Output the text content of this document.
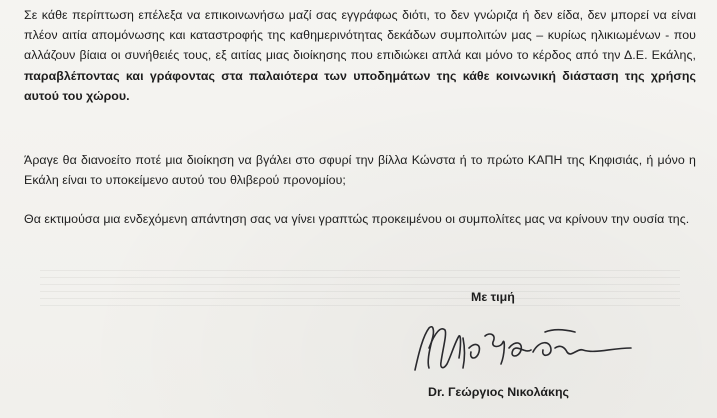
Σε κάθε περίπτωση επέλεξα να επικοινωνήσω μαζί σας εγγράφως διότι, το δεν γνώριζα ή δεν είδα, δεν μπορεί να είναι πλέον αιτία απομόνωσης και καταστροφής της καθημερινότητας δεκάδων συμπολιτών μας – κυρίως ηλικιωμένων - που αλλάζουν βίαια οι συνήθειές τους, εξ αιτίας μιας διοίκησης που επιδιώκει απλά και μόνο το κέρδος από την Δ.Ε. Εκάλης, παραβλέποντας και γράφοντας στα παλαιότερα των υποδημάτων της κάθε κοινωνική διάσταση της χρήσης αυτού του χώρου.

Άραγε θα διανοείτο ποτέ μια διοίκηση να βγάλει στο σφυρί την βίλλα Κώνστα ή το πρώτο ΚΑΠΗ της Κηφισιάς, ή μόνο η Εκάλη είναι το υποκείμενο αυτού του θλιβερού προνομίου;

Θα εκτιμούσα μια ενδεχόμενη απάντηση σας να γίνει γραπτώς προκειμένου οι συμπολίτες μας να κρίνουν την ουσία της.

Με τιμή
Dr. Γεώργιος Νικολάκης
